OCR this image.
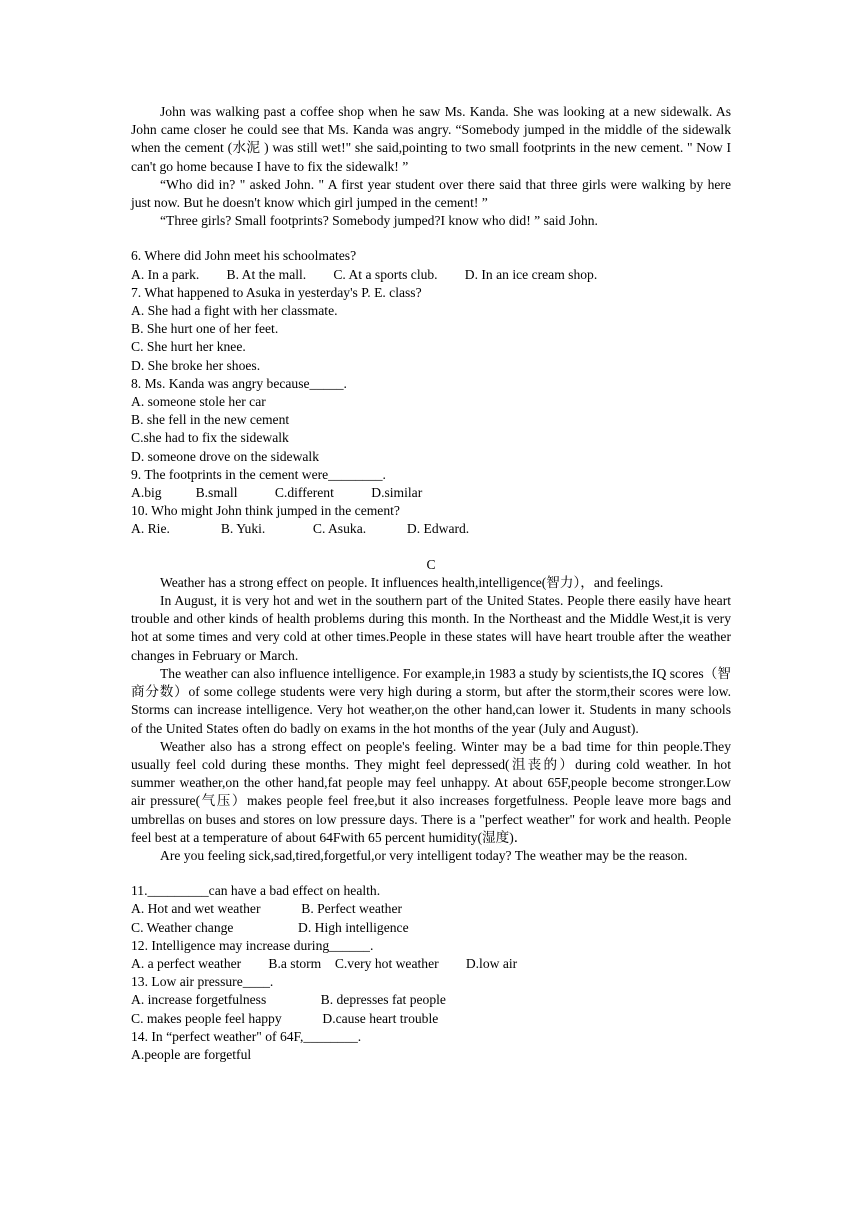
John was walking past a coffee shop when he saw Ms. Kanda. She was looking at a new sidewalk. As John came closer he could see that Ms. Kanda was angry. “Somebody jumped in the middle of the sidewalk when the cement (水泥 ) was still wet!" she said,pointing to two small footprints in the new cement. " Now I can't go home because I have to fix the sidewalk! ”

“Who did in? " asked John. " A first year student over there said that three girls were walking by here just now. But he doesn't know which girl jumped in the cement! ”

“Three girls? Small footprints? Somebody jumped?I know who did! ” said John.

6. Where did John meet his schoolmates?

A. In a park.        B. At the mall.        C. At a sports club.        D. In an ice cream shop.

7. What happened to Asuka in yesterday's P. E. class?

A. She had a fight with her classmate.

B. She hurt one of her feet.

C. She hurt her knee.

D. She broke her shoes.

8. Ms. Kanda was angry because_____.

A. someone stole her car

B. she fell in the new cement

C.she had to fix the sidewalk

D. someone drove on the sidewalk

9. The footprints in the cement were________.

A.big          B.small           C.different           D.similar

10. Who might John think jumped in the cement?

A. Rie.               B. Yuki.              C. Asuka.            D. Edward.

C

Weather has a strong effect on people. It influences health,intelligence(智力），and feelings.

In August, it is very hot and wet in the southern part of the United States. People there easily have heart trouble and other kinds of health problems during this month. In the Northeast and the Middle West,it is very hot at some times and very cold at other times.People in these states will have heart trouble after the weather changes in February or March.

The weather can also influence intelligence. For example,in 1983 a study by scientists,the IQ scores（智商分数）of some college students were very high during a storm, but after the storm,their scores were low. Storms can increase intelligence. Very hot weather,on the other hand,can lower it. Students in many schools of the United States often do badly on exams in the hot months of the year (July and August).

Weather also has a strong effect on people's feeling. Winter may be a bad time for thin people.They usually feel cold during these months. They might feel depressed(沮丧的）during cold weather. In hot summer weather,on the other hand,fat people may feel unhappy. At about 65F,people become stronger.Low air pressure(气压）makes people feel free,but it also increases forgetfulness. People leave more bags and umbrellas on buses and stores on low pressure days. There is a "perfect weather" for work and health. People feel best at a temperature of about 64Fwith 65 percent humidity(湿度)．

Are you feeling sick,sad,tired,forgetful,or very intelligent today? The weather may be the reason.

11._________can have a bad effect on health.

A. Hot and wet weather            B. Perfect weather

C. Weather change                   D. High intelligence

12. Intelligence may increase during______.

A. a perfect weather        B.a storm    C.very hot weather        D.low air

13. Low air pressure____.

A. increase forgetfulness                B. depresses fat people

C. makes people feel happy            D.cause heart trouble

14. In “perfect weather" of 64F,________.

A.people are forgetful
